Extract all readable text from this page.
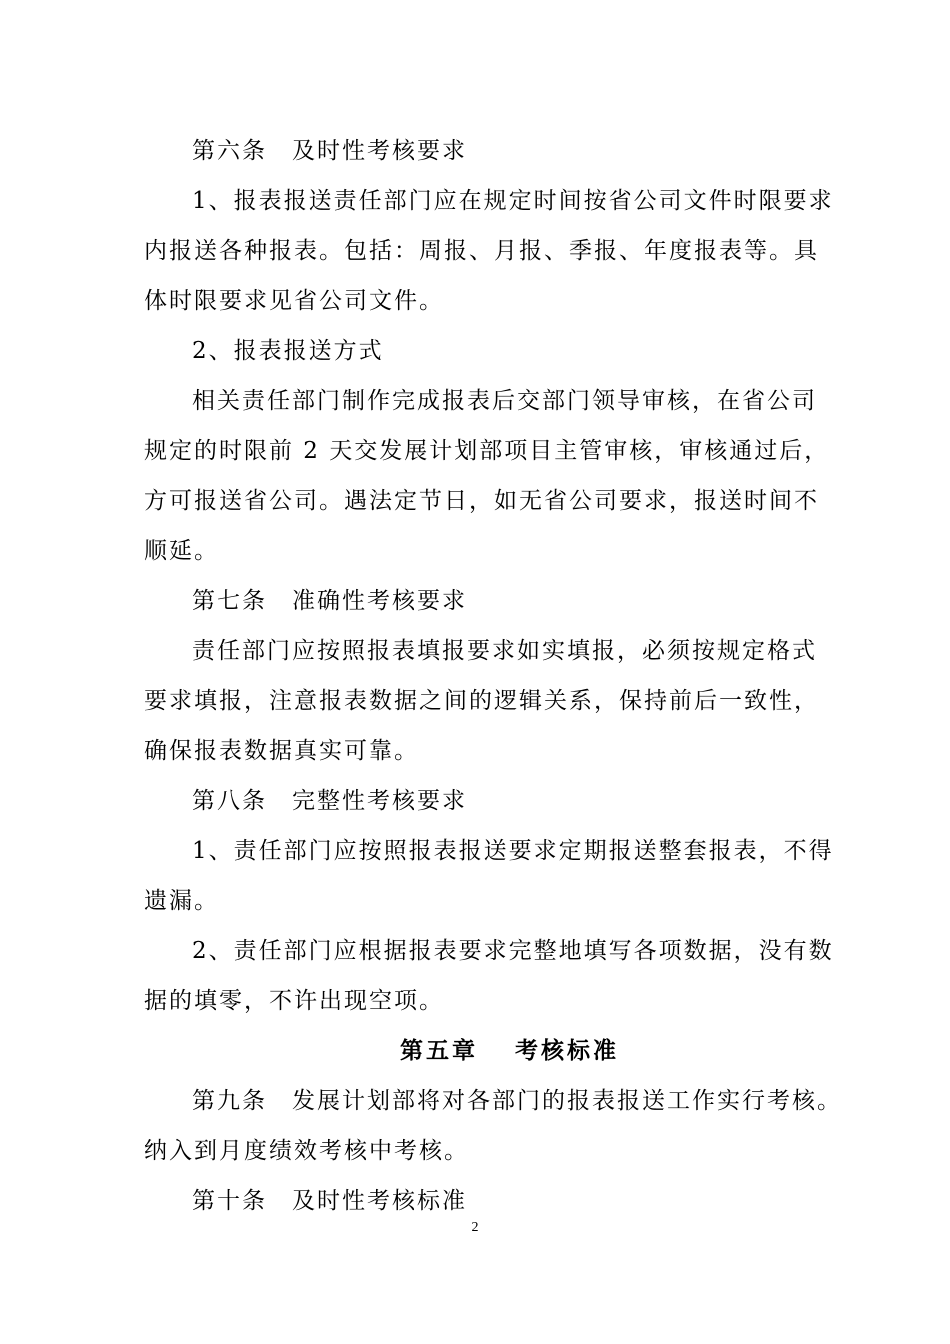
第六条　及时性考核要求
1、报表报送责任部门应在规定时间按省公司文件时限要求
内报送各种报表。包括：周报、月报、季报、年度报表等。具
体时限要求见省公司文件。
2、报表报送方式
相关责任部门制作完成报表后交部门领导审核，在省公司
规定的时限前 2 天交发展计划部项目主管审核，审核通过后，
方可报送省公司。遇法定节日，如无省公司要求，报送时间不
顺延。
第七条　准确性考核要求
责任部门应按照报表填报要求如实填报，必须按规定格式
要求填报，注意报表数据之间的逻辑关系，保持前后一致性，
确保报表数据真实可靠。
第八条　完整性考核要求
1、责任部门应按照报表报送要求定期报送整套报表，不得
遗漏。
2、责任部门应根据报表要求完整地填写各项数据，没有数
据的填零，不许出现空项。
第五章　 考核标准
第九条　发展计划部将对各部门的报表报送工作实行考核。
纳入到月度绩效考核中考核。
第十条　及时性考核标准
2
